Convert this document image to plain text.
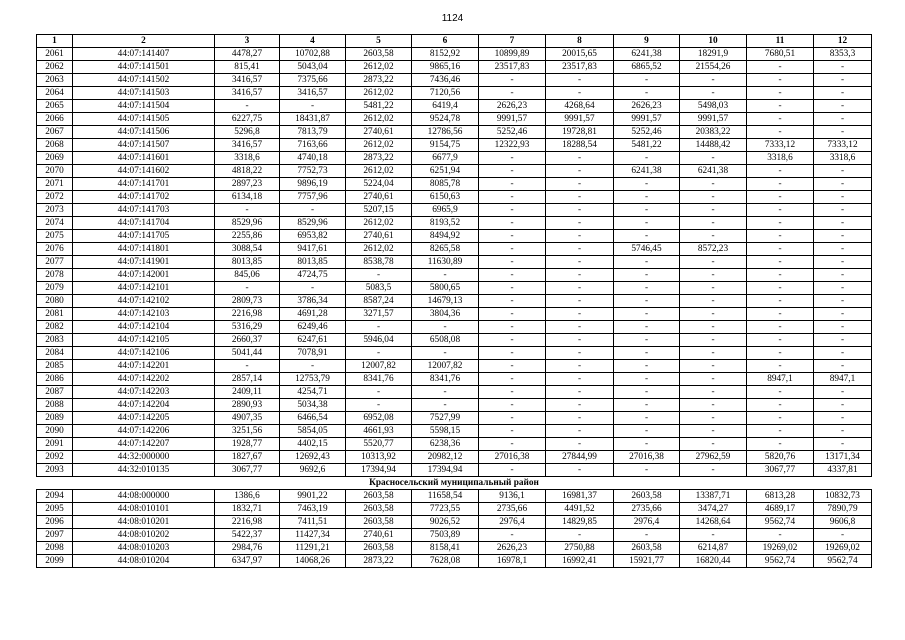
1124
1	2	3	4	5	6	7	8	9	10	11	12
2061	44:07:141407	4478,27	10702,88	2603,58	8152,92	10899,89	20015,65	6241,38	18291,9	7680,51	8353,3
2062	44:07:141501	815,41	5043,04	2612,02	9865,16	23517,83	23517,83	6865,52	21554,26	-	-
2063	44:07:141502	3416,57	7375,66	2873,22	7436,46	-	-	-	-	-	-
2064	44:07:141503	3416,57	3416,57	2612,02	7120,56	-	-	-	-	-	-
2065	44:07:141504	-	-	5481,22	6419,4	2626,23	4268,64	2626,23	5498,03	-	-
2066	44:07:141505	6227,75	18431,87	2612,02	9524,78	9991,57	9991,57	9991,57	9991,57	-	-
2067	44:07:141506	5296,8	7813,79	2740,61	12786,56	5252,46	19728,81	5252,46	20383,22	-	-
2068	44:07:141507	3416,57	7163,66	2612,02	9154,75	12322,93	18288,54	5481,22	14488,42	7333,12	7333,12
2069	44:07:141601	3318,6	4740,18	2873,22	6677,9	-	-	-	-	3318,6	3318,6
2070	44:07:141602	4818,22	7752,73	2612,02	6251,94	-	-	6241,38	6241,38	-	-
2071	44:07:141701	2897,23	9896,19	5224,04	8085,78	-	-	-	-	-	-
2072	44:07:141702	6134,18	7757,96	2740,61	6150,63	-	-	-	-	-	-
2073	44:07:141703	-	-	5207,15	6965,9	-	-	-	-	-	-
2074	44:07:141704	8529,96	8529,96	2612,02	8193,52	-	-	-	-	-	-
2075	44:07:141705	2255,86	6953,82	2740,61	8494,92	-	-	-	-	-	-
2076	44:07:141801	3088,54	9417,61	2612,02	8265,58	-	-	5746,45	8572,23	-	-
2077	44:07:141901	8013,85	8013,85	8538,78	11630,89	-	-	-	-	-	-
2078	44:07:142001	845,06	4724,75	-	-	-	-	-	-	-	-
2079	44:07:142101	-	-	5083,5	5800,65	-	-	-	-	-	-
2080	44:07:142102	2809,73	3786,34	8587,24	14679,13	-	-	-	-	-	-
2081	44:07:142103	2216,98	4691,28	3271,57	3804,36	-	-	-	-	-	-
2082	44:07:142104	5316,29	6249,46	-	-	-	-	-	-	-	-
2083	44:07:142105	2660,37	6247,61	5946,04	6508,08	-	-	-	-	-	-
2084	44:07:142106	5041,44	7078,91	-	-	-	-	-	-	-	-
2085	44:07:142201	-	-	12007,82	12007,82	-	-	-	-	-	-
2086	44:07:142202	2857,14	12753,79	8341,76	8341,76	-	-	-	-	8947,1	8947,1
2087	44:07:142203	2409,11	4254,71	-	-	-	-	-	-	-	-
2088	44:07:142204	2890,93	5034,38	-	-	-	-	-	-	-	-
2089	44:07:142205	4907,35	6466,54	6952,08	7527,99	-	-	-	-	-	-
2090	44:07:142206	3251,56	5854,05	4661,93	5598,15	-	-	-	-	-	-
2091	44:07:142207	1928,77	4402,15	5520,77	6238,36	-	-	-	-	-	-
2092	44:32:000000	1827,67	12692,43	10313,92	20982,12	27016,38	27844,99	27016,38	27962,59	5820,76	13171,34
2093	44:32:010135	3067,77	9692,6	17394,94	17394,94	-	-	-	-	3067,77	4337,81
Красносельский муниципальный район											
2094	44:08:000000	1386,6	9901,22	2603,58	11658,54	9136,1	16981,37	2603,58	13387,71	6813,28	10832,73
2095	44:08:010101	1832,71	7463,19	2603,58	7723,55	2735,66	4491,52	2735,66	3474,27	4689,17	7890,79
2096	44:08:010201	2216,98	7411,51	2603,58	9026,52	2976,4	14829,85	2976,4	14268,64	9562,74	9606,8
2097	44:08:010202	5422,37	11427,34	2740,61	7503,89	-	-	-	-	-	-
2098	44:08:010203	2984,76	11291,21	2603,58	8158,41	2626,23	2750,88	2603,58	6214,87	19269,02	19269,02
2099	44:08:010204	6347,97	14068,26	2873,22	7628,08	16978,1	16992,41	15921,77	16820,44	9562,74	9562,74
